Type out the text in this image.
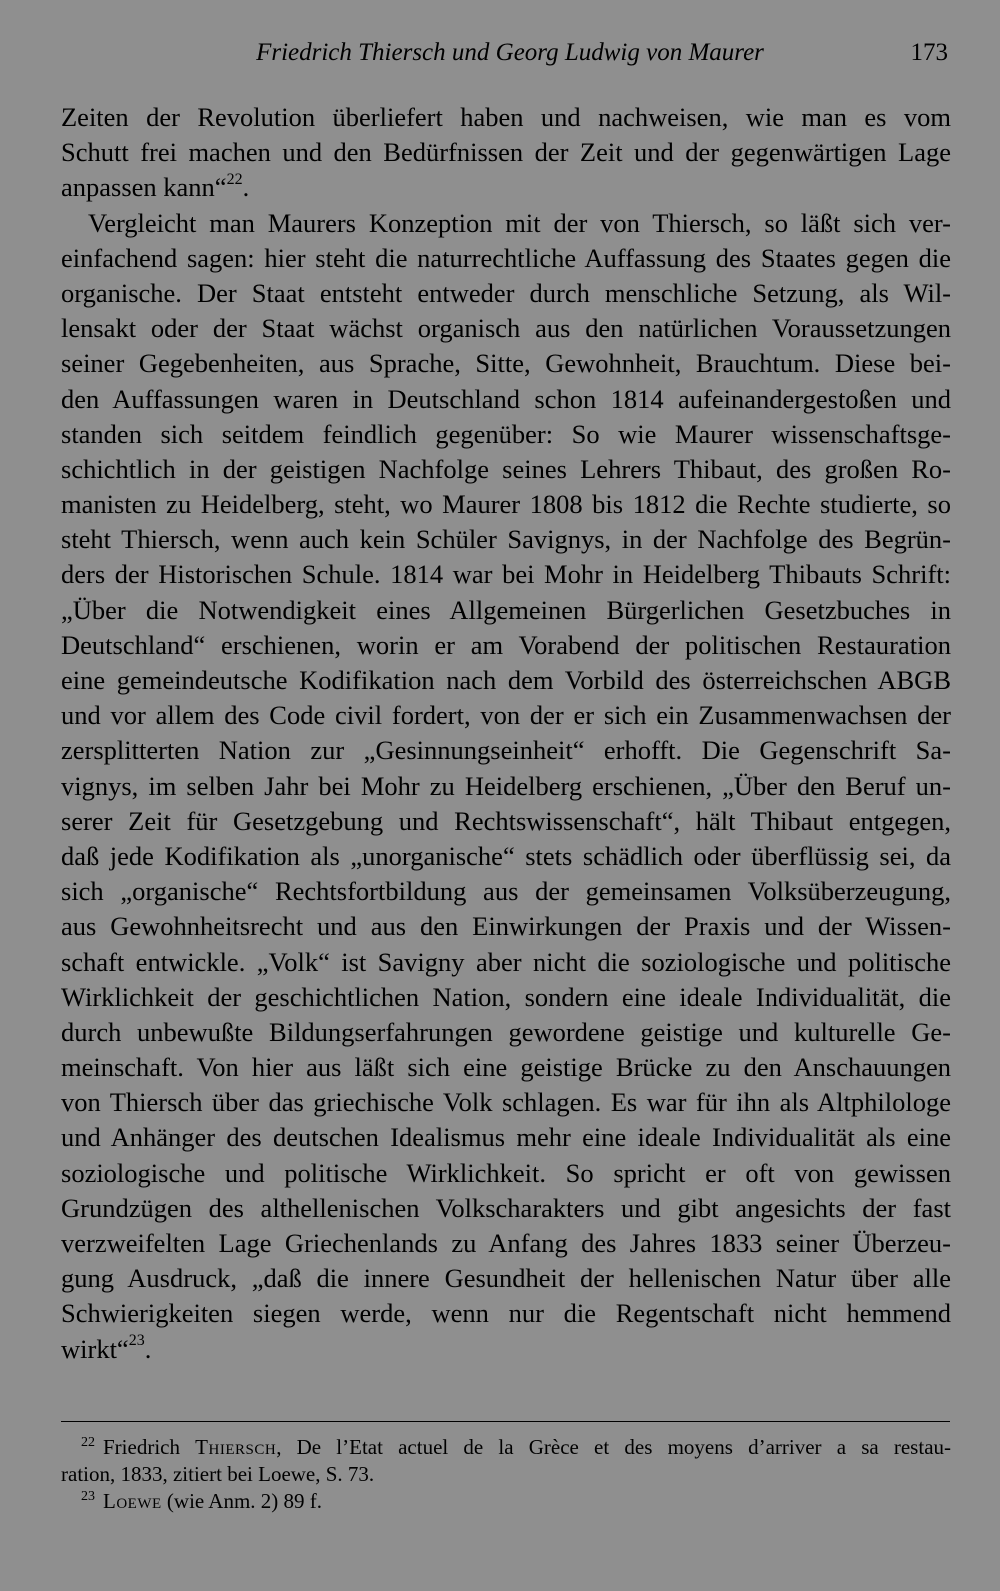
Friedrich Thiersch und Georg Ludwig von Maurer	173
Zeiten der Revolution überliefert haben und nachweisen, wie man es vom
Schutt frei machen und den Bedürfnissen der Zeit und der gegenwärtigen Lage
anpassen kann“$^{22}$.
Vergleicht man Maurers Konzeption mit der von Thiersch, so läßt sich ver-
einfachend sagen: hier steht die naturrechtliche Auffassung des Staates gegen die
organische. Der Staat entsteht entweder durch menschliche Setzung, als Wil-
lensakt oder der Staat wächst organisch aus den natürlichen Voraussetzungen
seiner Gegebenheiten, aus Sprache, Sitte, Gewohnheit, Brauchtum. Diese bei-
den Auffassungen waren in Deutschland schon 1814 aufeinandergestoßen und
standen sich seitdem feindlich gegenüber: So wie Maurer wissenschaftsge-
schichtlich in der geistigen Nachfolge seines Lehrers Thibaut, des großen Ro-
manisten zu Heidelberg, steht, wo Maurer 1808 bis 1812 die Rechte studierte, so
steht Thiersch, wenn auch kein Schüler Savignys, in der Nachfolge des Begrün-
ders der Historischen Schule. 1814 war bei Mohr in Heidelberg Thibauts Schrift:
„Über die Notwendigkeit eines Allgemeinen Bürgerlichen Gesetzbuches in
Deutschland“ erschienen, worin er am Vorabend der politischen Restauration
eine gemeindeutsche Kodifikation nach dem Vorbild des österreichschen ABGB
und vor allem des Code civil fordert, von der er sich ein Zusammenwachsen der
zersplitterten Nation zur „Gesinnungseinheit“ erhofft. Die Gegenschrift Sa-
vignys, im selben Jahr bei Mohr zu Heidelberg erschienen, „Über den Beruf un-
serer Zeit für Gesetzgebung und Rechtswissenschaft“, hält Thibaut entgegen,
daß jede Kodifikation als „unorganische“ stets schädlich oder überflüssig sei, da
sich „organische“ Rechtsfortbildung aus der gemeinsamen Volksüberzeugung,
aus Gewohnheitsrecht und aus den Einwirkungen der Praxis und der Wissen-
schaft entwickle. „Volk“ ist Savigny aber nicht die soziologische und politische
Wirklichkeit der geschichtlichen Nation, sondern eine ideale Individualität, die
durch unbewußte Bildungserfahrungen gewordene geistige und kulturelle Ge-
meinschaft. Von hier aus läßt sich eine geistige Brücke zu den Anschauungen
von Thiersch über das griechische Volk schlagen. Es war für ihn als Altphilologe
und Anhänger des deutschen Idealismus mehr eine ideale Individualität als eine
soziologische und politische Wirklichkeit. So spricht er oft von gewissen
Grundzügen des althellenischen Volkscharakters und gibt angesichts der fast
verzweifelten Lage Griechenlands zu Anfang des Jahres 1833 seiner Überzeu-
gung Ausdruck, „daß die innere Gesundheit der hellenischen Natur über alle
Schwierigkeiten siegen werde, wenn nur die Regentschaft nicht hemmend
wirkt“$^{23}$.
$^{22}$ Friedrich Thiersch, De l’Etat actuel de la Grèce et des moyens d’arriver a sa restau-
ration, 1833, zitiert bei Loewe, S. 73.
$^{23}$ Loewe (wie Anm. 2) 89 f.
